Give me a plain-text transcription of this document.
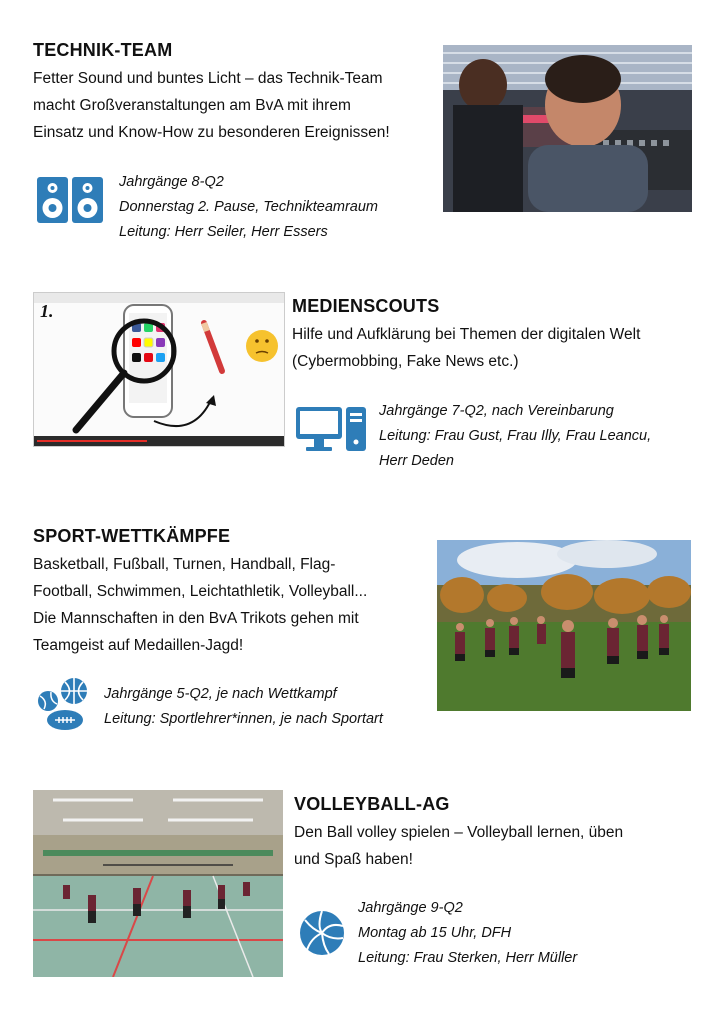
TECHNIK-TEAM
Fetter Sound und buntes Licht – das Technik-Team
macht Großveranstaltungen am BvA mit ihrem
Einsatz und Know-How zu besonderen Ereignissen!
Jahrgänge 8-Q2
Donnerstag 2. Pause, Technikteamraum
Leitung: Herr Seiler, Herr Essers
1.	MEDIENSCOUTS
Hilfe und Aufklärung bei Themen der digitalen Welt
(Cybermobbing, Fake News etc.)
Jahrgänge 7-Q2, nach Vereinbarung
Leitung: Frau Gust, Frau Illy, Frau Leancu,
Herr Deden
SPORT-WETTKÄMPFE
Basketball, Fußball, Turnen, Handball, Flag-
Football, Schwimmen, Leichtathletik, Volleyball...
Die Mannschaften in den BvA Trikots gehen mit
Teamgeist auf Medaillen-Jagd!
Jahrgänge 5-Q2, je nach Wettkampf
Leitung: Sportlehrer*innen, je nach Sportart
VOLLEYBALL-AG
Den Ball volley spielen – Volleyball lernen, üben
und Spaß haben!
Jahrgänge 9-Q2
Montag ab 15 Uhr, DFH
Leitung: Frau Sterken, Herr Müller
